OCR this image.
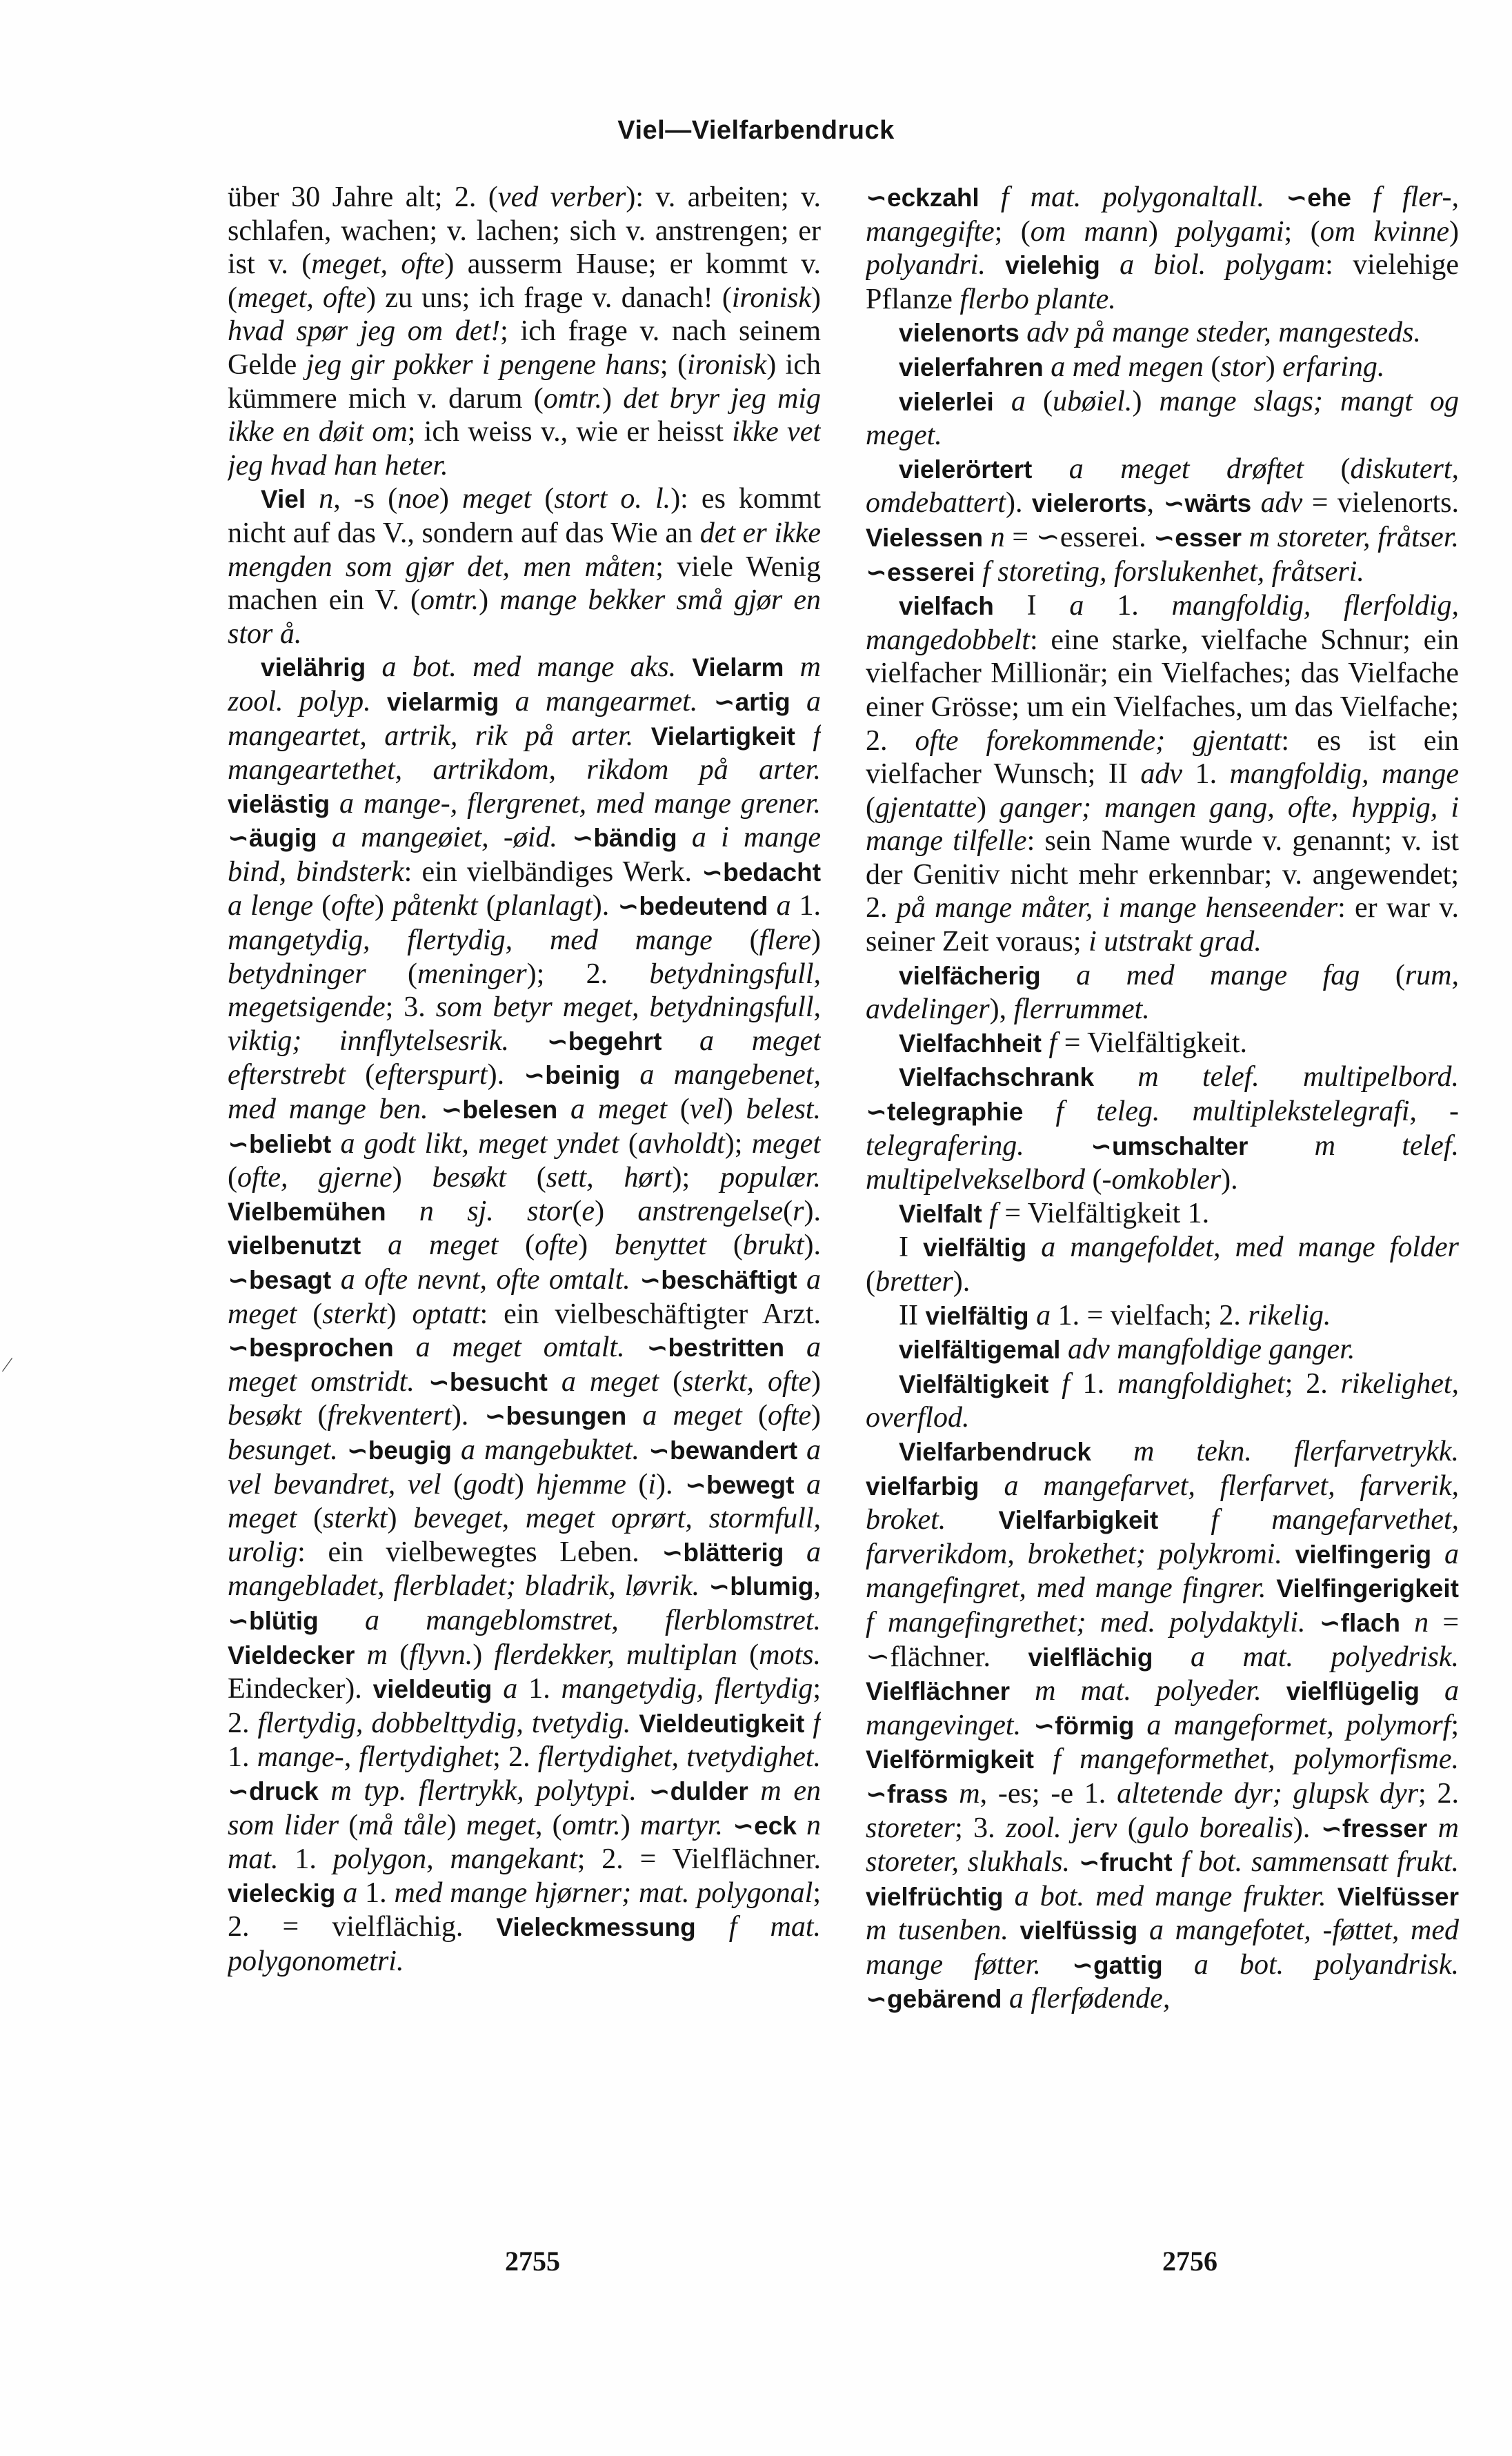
Viel—Vielfarbendruck
⁄

über 30 Jahre alt; 2. (ved verber): v. arbeiten; v. schlafen, wachen; v. lachen; sich v. anstrengen; er ist v. (meget, ofte) ausserm Hause; er kommt v. (meget, ofte) zu uns; ich frage v. danach! (ironisk) hvad spør jeg om det!; ich frage v. nach seinem Gelde jeg gir pokker i pengene hans; (ironisk) ich kümmere mich v. darum (omtr.) det bryr jeg mig ikke en døit om; ich weiss v., wie er heisst ikke vet jeg hvad han heter.

Viel n, -s (noe) meget (stort o. l.): es kommt nicht auf das V., sondern auf das Wie an det er ikke mengden som gjør det, men måten; viele Wenig machen ein V. (omtr.) mange bekker små gjør en stor å.

vielährig a bot. med mange aks. Vielarm m zool. polyp. vielarmig a mangearmet. ∽artig a mangeartet, artrik, rik på arter. Vielartigkeit f mangeartethet, artrikdom, rikdom på arter. vielästig a mange-, flergrenet, med mange grener. ∽äugig a mangeøiet, -øid. ∽bändig a i mange bind, bindsterk: ein vielbändiges Werk. ∽bedacht a lenge (ofte) påtenkt (planlagt). ∽bedeutend a 1. mangetydig, flertydig, med mange (flere) betydninger (meninger); 2. betydningsfull, megetsigende; 3. som betyr meget, betydningsfull, viktig; innflytelsesrik. ∽begehrt a meget efterstrebt (efterspurt). ∽beinig a mangebenet, med mange ben. ∽belesen a meget (vel) belest. ∽beliebt a godt likt, meget yndet (avholdt); meget (ofte, gjerne) besøkt (sett, hørt); populær. Vielbemühen n sj. stor(e) anstrengelse(r). vielbenutzt a meget (ofte) benyttet (brukt). ∽besagt a ofte nevnt, ofte omtalt. ∽beschäftigt a meget (sterkt) optatt: ein vielbeschäftigter Arzt. ∽besprochen a meget omtalt. ∽bestritten a meget omstridt. ∽besucht a meget (sterkt, ofte) besøkt (frekventert). ∽besungen a meget (ofte) besunget. ∽beugig a mangebuktet. ∽bewandert a vel bevandret, vel (godt) hjemme (i). ∽bewegt a meget (sterkt) beveget, meget oprørt, stormfull, urolig: ein vielbewegtes Leben. ∽blätterig a mangebladet, flerbladet; bladrik, løvrik. ∽blumig, ∽blütig a mangeblomstret, flerblomstret. Vieldecker m (flyvn.) flerdekker, multiplan (mots. Eindecker). vieldeutig a 1. mangetydig, flertydig; 2. flertydig, dobbelttydig, tvetydig. Vieldeutigkeit f 1. mange-, flertydighet; 2. flertydighet, tvetydighet. ∽druck m typ. flertrykk, polytypi. ∽dulder m en som lider (må tåle) meget, (omtr.) martyr. ∽eck n mat. 1. polygon, mangekant; 2. = Vielflächner. vieleckig a 1. med mange hjørner; mat. polygonal; 2. = vielflächig. Vieleckmessung f mat. polygonometri.

∽eckzahl f mat. polygonaltall. ∽ehe f fler-, mangegifte; (om mann) polygami; (om kvinne) polyandri. vielehig a biol. polygam: vielehige Pflanze flerbo plante.

vielenorts adv på mange steder, mangesteds.

vielerfahren a med megen (stor) erfaring.

vielerlei a (ubøiel.) mange slags; mangt og meget.

vielerörtert a meget drøftet (diskutert, omdebattert). vielerorts, ∽wärts adv = vielenorts. Vielessen n = ∽esserei. ∽esser m storeter, fråtser. ∽esserei f storeting, forslukenhet, fråtseri.

vielfach I a 1. mangfoldig, flerfoldig, mangedobbelt: eine starke, vielfache Schnur; ein vielfacher Millionär; ein Vielfaches; das Vielfache einer Grösse; um ein Vielfaches, um das Vielfache; 2. ofte forekommende; gjentatt: es ist ein vielfacher Wunsch; II adv 1. mangfoldig, mange (gjentatte) ganger; mangen gang, ofte, hyppig, i mange tilfelle: sein Name wurde v. genannt; v. ist der Genitiv nicht mehr erkennbar; v. angewendet; 2. på mange måter, i mange henseender: er war v. seiner Zeit voraus; i utstrakt grad.

vielfächerig a med mange fag (rum, avdelinger), flerrummet.

Vielfachheit f = Vielfältigkeit.

Vielfachschrank m telef. multipelbord. ∽telegraphie f teleg. multiplekstelegrafi, -telegrafering.	∽umschalter m telef. multipelvekselbord (-omkobler).

Vielfalt f = Vielfältigkeit 1.

I vielfältig a mangefoldet, med mange folder (bretter).

II vielfältig a 1. = vielfach; 2. rikelig.

vielfältigemal adv mangfoldige ganger.

Vielfältigkeit f 1. mangfoldighet; 2. rikelighet, overflod.

Vielfarbendruck m tekn. flerfarvetrykk. vielfarbig a mangefarvet, flerfarvet, farverik, broket. Vielfarbigkeit f mangefarvethet, farverikdom, brokethet; polykromi. vielfingerig a mangefingret, med mange fingrer. Vielfingerigkeit f mangefingrethet; med. polydaktyli. ∽flach n = ∽flächner. vielflächig a mat. polyedrisk. Vielflächner m mat. polyeder. vielflügelig a mangevinget. ∽förmig a mangeformet, polymorf; Vielförmigkeit f mangeformethet, polymorfisme. ∽frass m, -es; -e 1. altetende dyr; glupsk dyr; 2. storeter; 3. zool. jerv (gulo borealis). ∽fresser m storeter, slukhals. ∽frucht f bot. sammensatt frukt. vielfrüchtig a bot. med mange frukter. Vielfüsser m tusenben. vielfüssig a mangefotet, -føttet, med mange føtter. ∽gattig a bot. polyandrisk. ∽gebärend a flerfødende,

2755	2756
